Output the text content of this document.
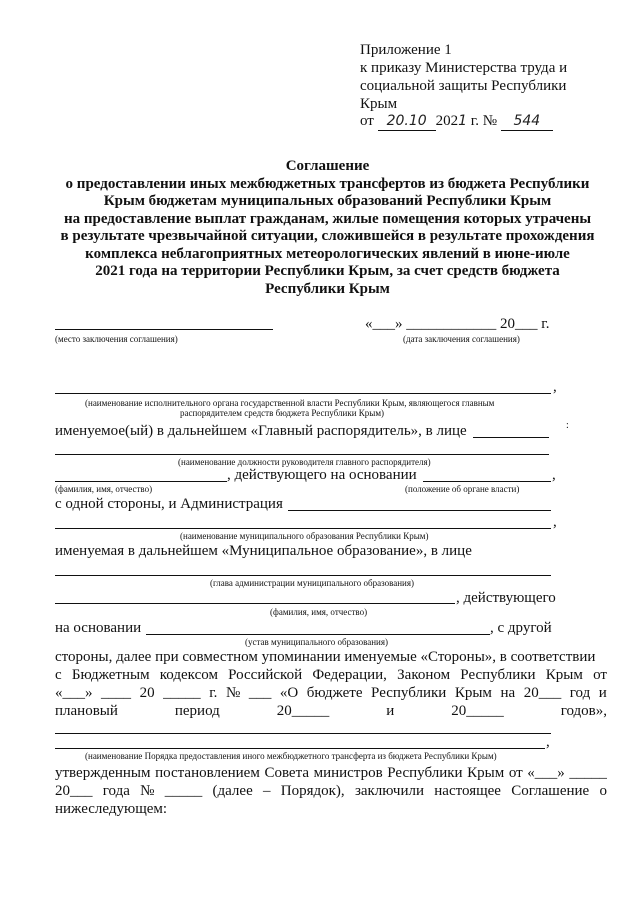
Приложение 1
к приказу Министерства труда и
социальной защиты Республики
Крым
от 20.10 2021 г. № 544
Соглашение
о предоставлении иных межбюджетных трансфертов из бюджета Республики
Крым бюджетам муниципальных образований Республики Крым
на предоставление выплат гражданам, жилые помещения которых утрачены
в результате чрезвычайной ситуации, сложившейся в результате прохождения
комплекса неблагоприятных метеорологических явлений в июне-июле
2021 года на территории Республики Крым, за счет средств бюджета
Республики Крым
«___» ____________ 20___ г.
(место заключения соглашения)	(дата заключения соглашения)
,
(наименование исполнительного органа государственной власти Республики Крым, являющегося главным
распорядителем средств бюджета Республики Крым)
именуемое(ый) в дальнейшем «Главный распорядитель», в лице	:
(наименование должности руководителя главного распорядителя)
, действующего на основании	,
(фамилия, имя, отчество)	(положение об органе власти)
с одной стороны, и Администрация
,
(наименование муниципального образования Республики Крым)
именуемая в дальнейшем «Муниципальное образование», в лице
(глава администрации муниципального образования)
, действующего
(фамилия, имя, отчество)
на основании	, с другой
(устав муниципального образования)
стороны, далее при совместном упоминании именуемые «Стороны», в соответствии
с Бюджетным кодексом Российской Федерации, Законом Республики Крым от
«___» ____ 20 _____ г. № ___ «О бюджете Республики Крым на 20___ год и
плановый	период	20_____	и	20_____	годов»,
,
(наименование Порядка предоставления иного межбюджетного трансферта из бюджета Республики Крым)
утвержденным постановлением Совета министров Республики Крым от «___» _____
20___ года № _____ (далее – Порядок), заключили настоящее Соглашение о
нижеследующем:
